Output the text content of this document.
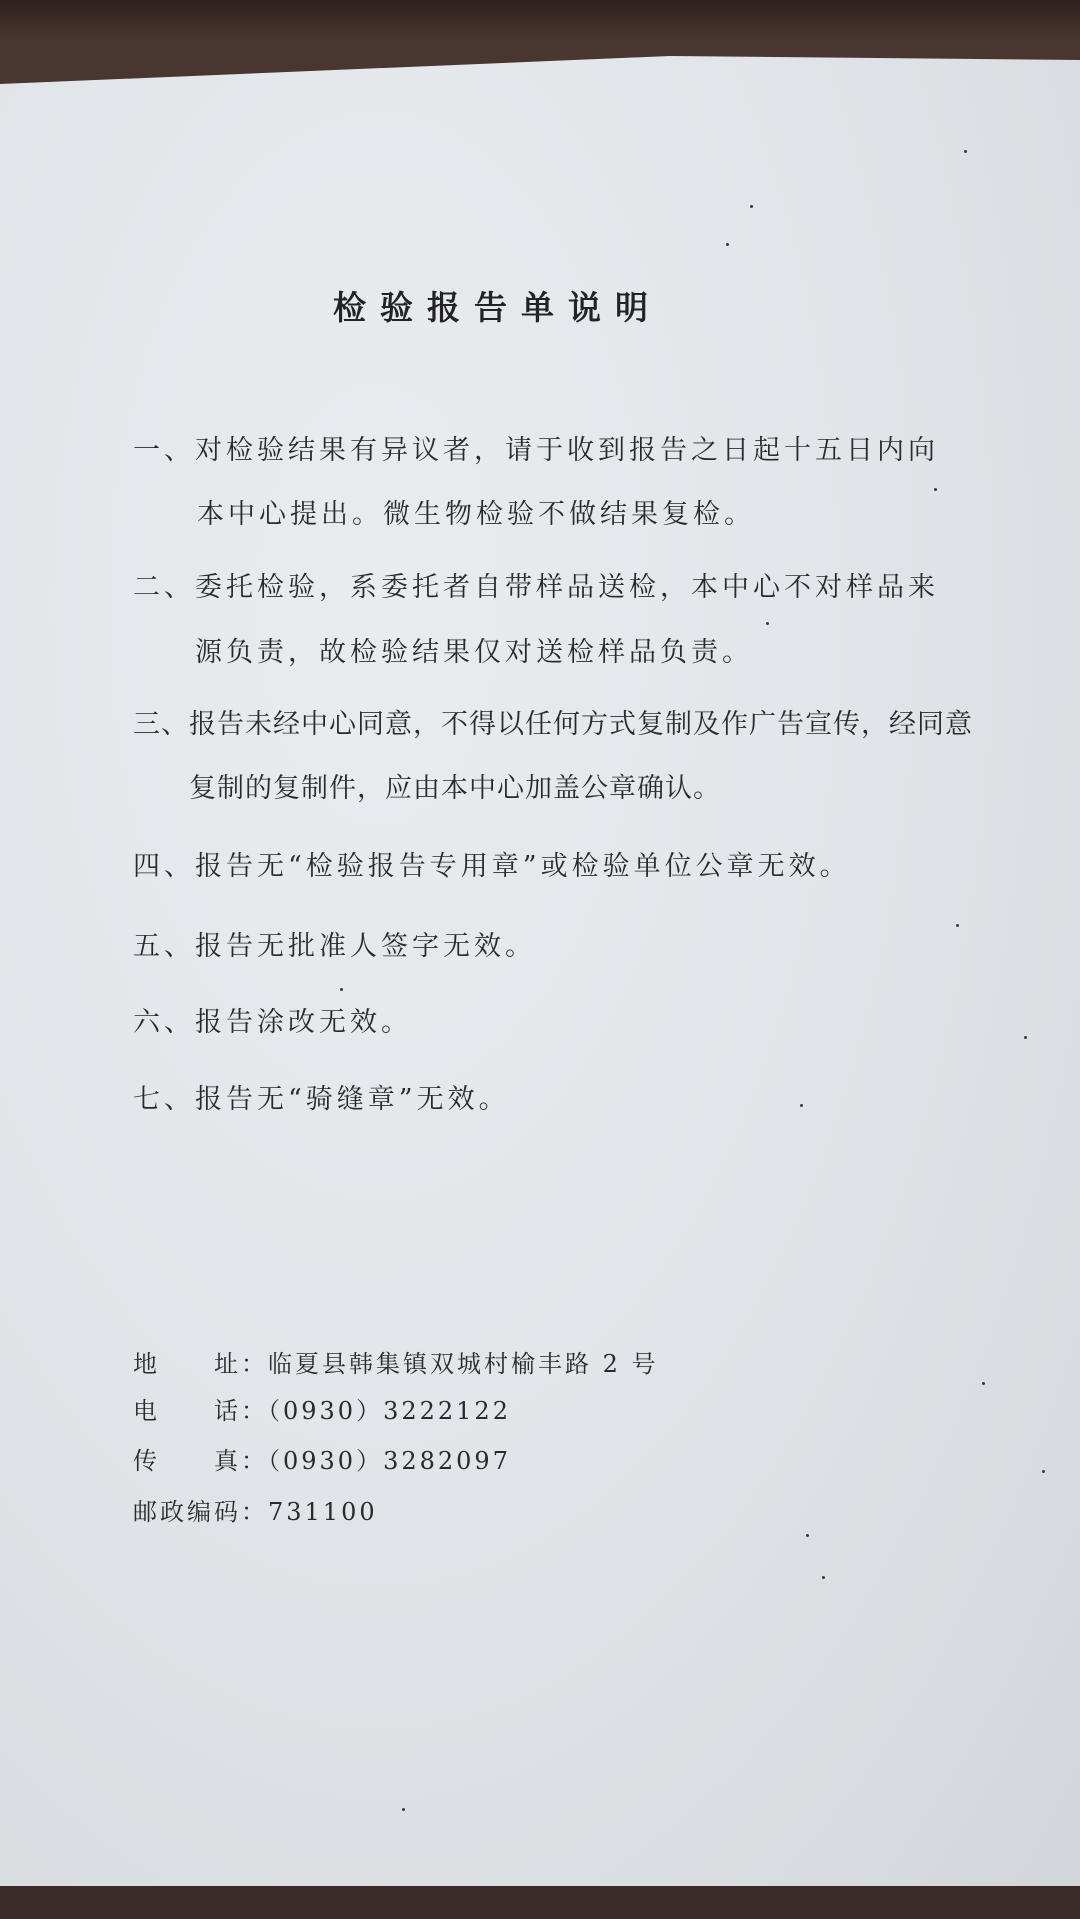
检验报告单说明
一、对检验结果有异议者，请于收到报告之日起十五日内向
本中心提出。微生物检验不做结果复检。
二、委托检验，系委托者自带样品送检，本中心不对样品来
源负责，故检验结果仅对送检样品负责。
三、报告未经中心同意，不得以任何方式复制及作广告宣传，经同意
复制的复制件，应由本中心加盖公章确认。
四、报告无“检验报告专用章”或检验单位公章无效。
五、报告无批准人签字无效。
六、报告涂改无效。
七、报告无“骑缝章”无效。
地　　址：临夏县韩集镇双城村榆丰路 2 号
电　　话：（0930）3222122
传　　真：（0930）3282097
邮政编码：731100
